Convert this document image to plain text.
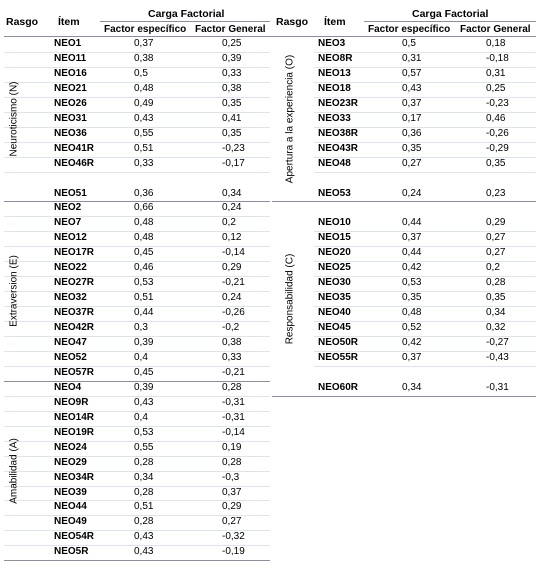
Rasgo Ítem
Carga Factorial
Factor específico Factor General
Rasgo Ítem
Carga Factorial
Factor específico Factor General
NEO1	0,37	0,25
NEO11	0,38	0,39
NEO16	0,5	0,33
NEO21	0,48	0,38
NEO26	0,49	0,35
NEO31	0,43	0,41
NEO36	0,55	0,35
NEO41R	0,51	-0,23
NEO46R	0,33	-0,17
NEO51	0,36	0,34
Neuroticismo (N)
NEO2	0,66	0,24
NEO7	0,48	0,2
NEO12	0,48	0,12
NEO17R	0,45	-0,14
NEO22	0,46	0,29
NEO27R	0,53	-0,21
NEO32	0,51	0,24
NEO37R	0,44	-0,26
NEO42R	0,3	-0,2
NEO47	0,39	0,38
NEO52	0,4	0,33
NEO57R	0,45	-0,21
Extraversion (E)
NEO4	0,39	0,28
NEO9R	0,43	-0,31
NEO14R	0,4	-0,31
NEO19R	0,53	-0,14
NEO24	0,55	0,19
NEO29	0,28	0,28
NEO34R	0,34	-0,3
NEO39	0,28	0,37
NEO44	0,51	0,29
NEO49	0,28	0,27
NEO54R	0,43	-0,32
NEO5R	0,43	-0,19
Amabilidad (A)
NEO3	0,5	0,18
NEO8R	0,31	-0,18
NEO13	0,57	0,31
NEO18	0,43	0,25
NEO23R	0,37	-0,23
NEO33	0,17	0,46
NEO38R	0,36	-0,26
NEO43R	0,35	-0,29
NEO48	0,27	0,35
NEO53	0,24	0,23
Apertura a la experiencia (O)
NEO10	0,44	0,29
NEO15	0,37	0,27
NEO20	0,44	0,27
NEO25	0,42	0,2
NEO30	0,53	0,28
NEO35	0,35	0,35
NEO40	0,48	0,34
NEO45	0,52	0,32
NEO50R	0,42	-0,27
NEO55R	0,37	-0,43
NEO60R	0,34	-0,31
Responsabilidad (C)
